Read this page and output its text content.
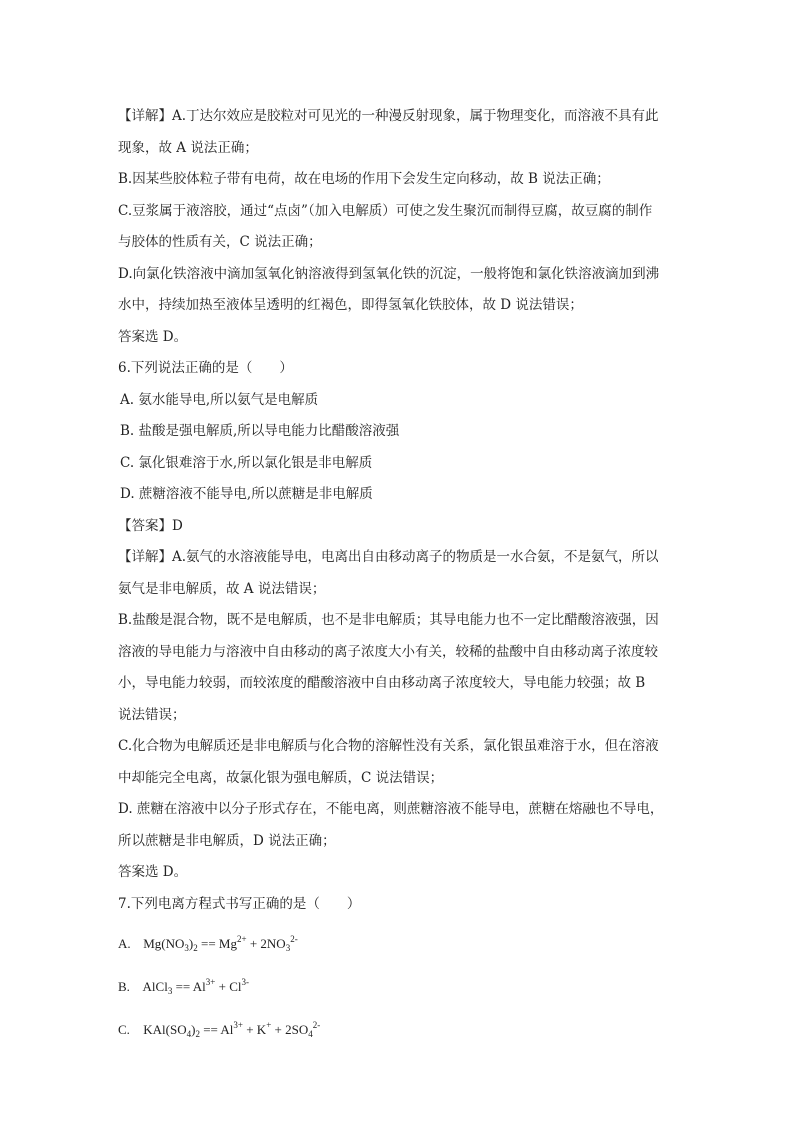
【详解】A.丁达尔效应是胶粒对可见光的一种漫反射现象，属于物理变化，而溶液不具有此
现象，故 A 说法正确；
B.因某些胶体粒子带有电荷，故在电场的作用下会发生定向移动，故 B 说法正确；
C.豆浆属于液溶胶，通过“点卤”（加入电解质）可使之发生聚沉而制得豆腐，故豆腐的制作
与胶体的性质有关，C 说法正确；
D.向氯化铁溶液中滴加氢氧化钠溶液得到氢氧化铁的沉淀，一般将饱和氯化铁溶液滴加到沸
水中，持续加热至液体呈透明的红褐色，即得氢氧化铁胶体，故 D 说法错误；
答案选 D。
6.下列说法正确的是（　　）
A. 氨水能导电,所以氨气是电解质
B. 盐酸是强电解质,所以导电能力比醋酸溶液强
C. 氯化银难溶于水,所以氯化银是非电解质
D. 蔗糖溶液不能导电,所以蔗糖是非电解质
【答案】D
【详解】A.氨气的水溶液能导电，电离出自由移动离子的物质是一水合氨，不是氨气，所以
氨气是非电解质，故 A 说法错误；
B.盐酸是混合物，既不是电解质，也不是非电解质；其导电能力也不一定比醋酸溶液强，因
溶液的导电能力与溶液中自由移动的离子浓度大小有关，较稀的盐酸中自由移动离子浓度较
小，导电能力较弱，而较浓度的醋酸溶液中自由移动离子浓度较大，导电能力较强；故 B
说法错误；
C.化合物为电解质还是非电解质与化合物的溶解性没有关系，氯化银虽难溶于水，但在溶液
中却能完全电离，故氯化银为强电解质，C 说法错误；
D. 蔗糖在溶液中以分子形式存在，不能电离，则蔗糖溶液不能导电，蔗糖在熔融也不导电，
所以蔗糖是非电解质，D 说法正确；
答案选 D。
7.下列电离方程式书写正确的是（　　）
A. $Mg(NO_3)_2 == Mg^{2+} + 2NO_3^{2-}$
B. AlCl$_3$ == $Al^{3+} + Cl^{3-}$
C. $KAl(SO_4)_2 == Al^{3+} + K^+ + 2SO_4^{2-}$
